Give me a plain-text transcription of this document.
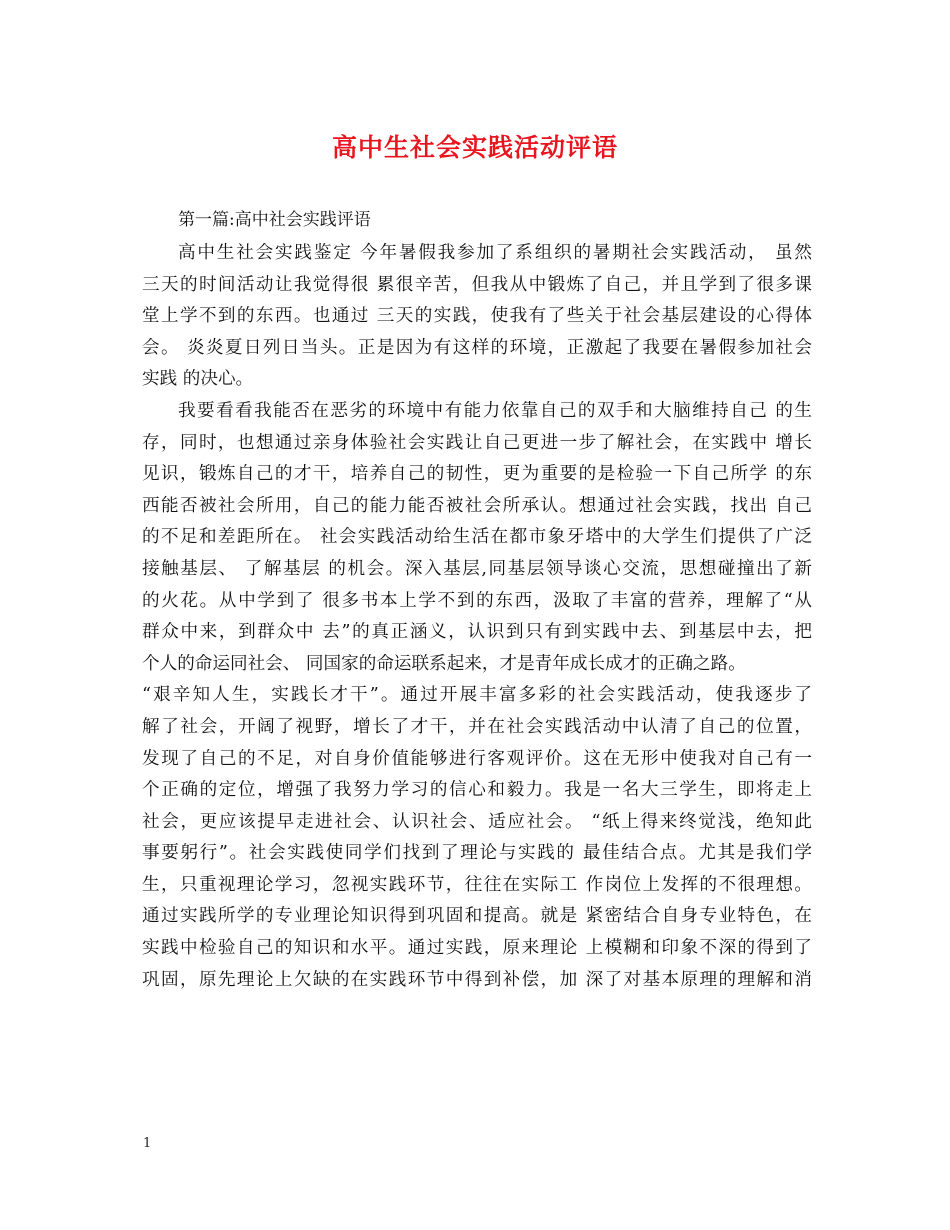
高中生社会实践活动评语
第一篇:高中社会实践评语
高中生社会实践鉴定 今年暑假我参加了系组织的暑期社会实践活动， 虽然
三天的时间活动让我觉得很 累很辛苦，但我从中锻炼了自己，并且学到了很多课
堂上学不到的东西。也通过 三天的实践，使我有了些关于社会基层建设的心得体
会。 炎炎夏日列日当头。正是因为有这样的环境，正激起了我要在暑假参加社会
实践 的决心。
我要看看我能否在恶劣的环境中有能力依靠自己的双手和大脑维持自己 的生
存，同时，也想通过亲身体验社会实践让自己更进一步了解社会，在实践中 增长
见识，锻炼自己的才干，培养自己的韧性，更为重要的是检验一下自己所学 的东
西能否被社会所用，自己的能力能否被社会所承认。想通过社会实践，找出 自己
的不足和差距所在。 社会实践活动给生活在都市象牙塔中的大学生们提供了广泛
接触基层、 了解基层 的机会。深入基层,同基层领导谈心交流，思想碰撞出了新
的火花。从中学到了 很多书本上学不到的东西，汲取了丰富的营养，理解了“从
群众中来，到群众中 去”的真正涵义，认识到只有到实践中去、到基层中去，把
个人的命运同社会、 同国家的命运联系起来，才是青年成长成才的正确之路。
“艰辛知人生，实践长才干”。通过开展丰富多彩的社会实践活动，使我逐步了
解了社会，开阔了视野，增长了才干，并在社会实践活动中认清了自己的位置，
发现了自己的不足，对自身价值能够进行客观评价。这在无形中使我对自己有一
个正确的定位，增强了我努力学习的信心和毅力。我是一名大三学生，即将走上
社会，更应该提早走进社会、认识社会、适应社会。 “纸上得来终觉浅，绝知此
事要躬行”。社会实践使同学们找到了理论与实践的 最佳结合点。尤其是我们学
生，只重视理论学习，忽视实践环节，往往在实际工 作岗位上发挥的不很理想。
通过实践所学的专业理论知识得到巩固和提高。就是 紧密结合自身专业特色，在
实践中检验自己的知识和水平。通过实践，原来理论 上模糊和印象不深的得到了
巩固，原先理论上欠缺的在实践环节中得到补偿，加 深了对基本原理的理解和消
1
